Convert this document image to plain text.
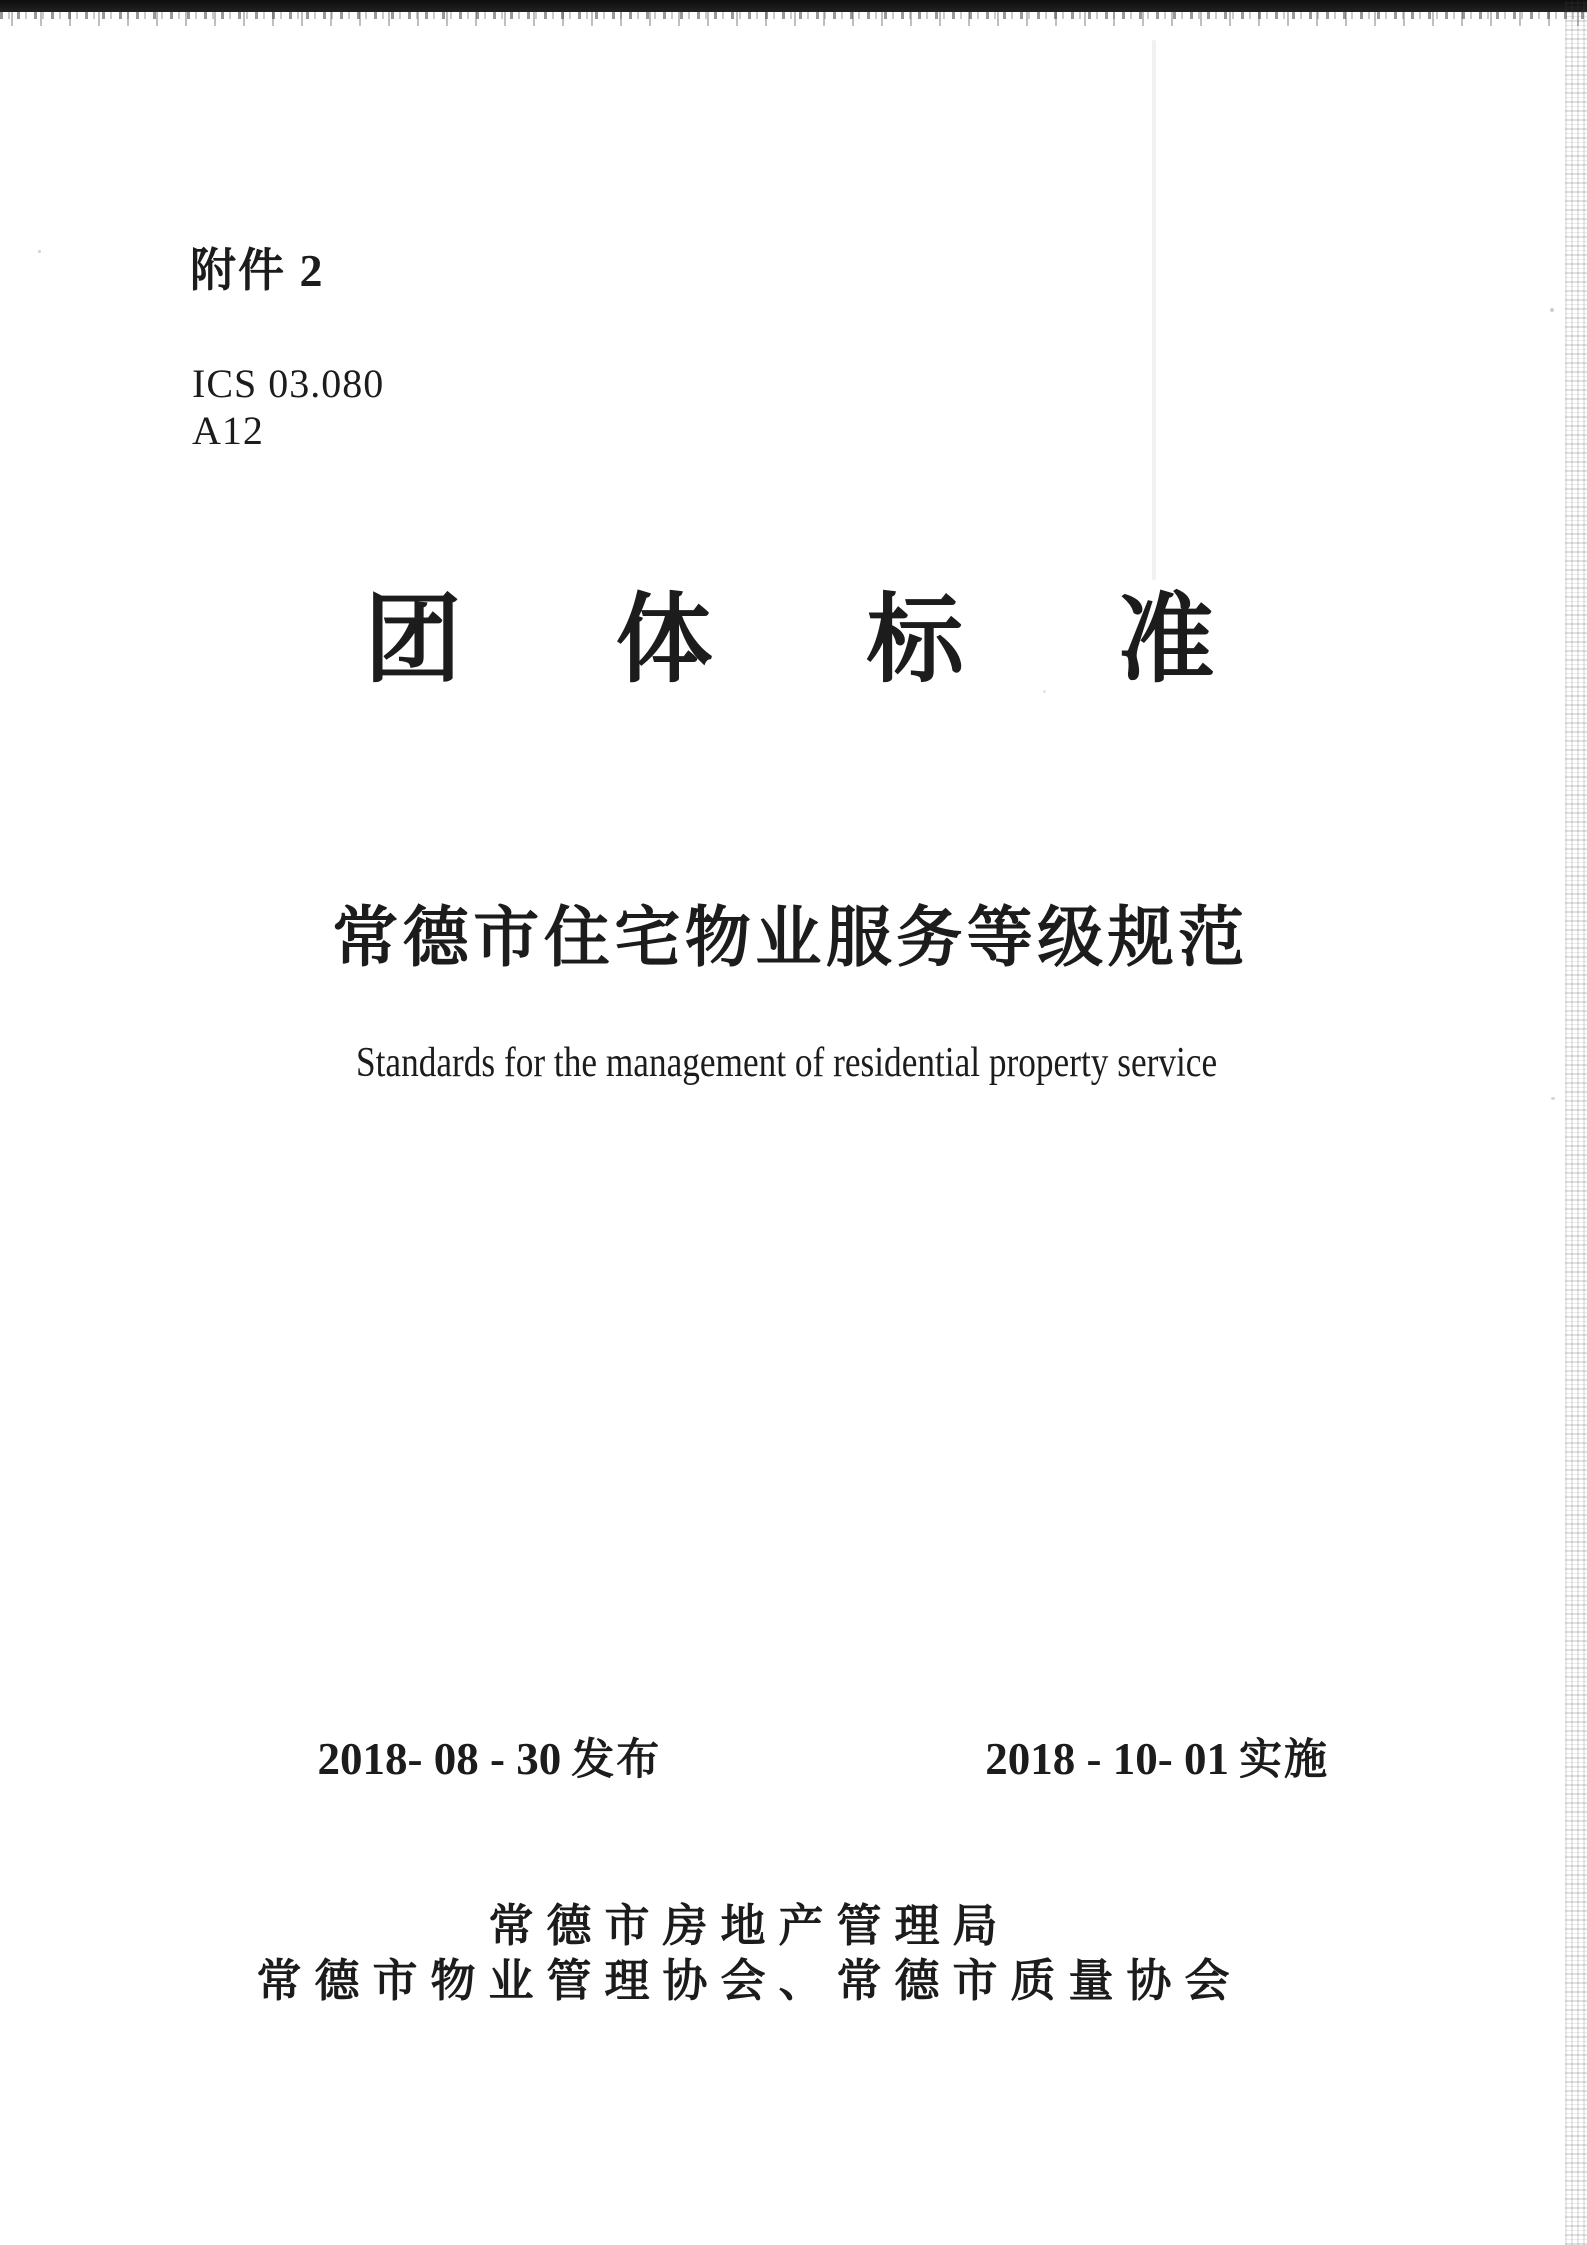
附件 2
ICS 03.080
A12
团 体 标 准
常德市住宅物业服务等级规范
Standards for the management of residential property service

2018- 08 - 30 发布
	2018 - 10- 01 实施

常德市房地产管理局
常德市物业管理协会、常德市质量协会
